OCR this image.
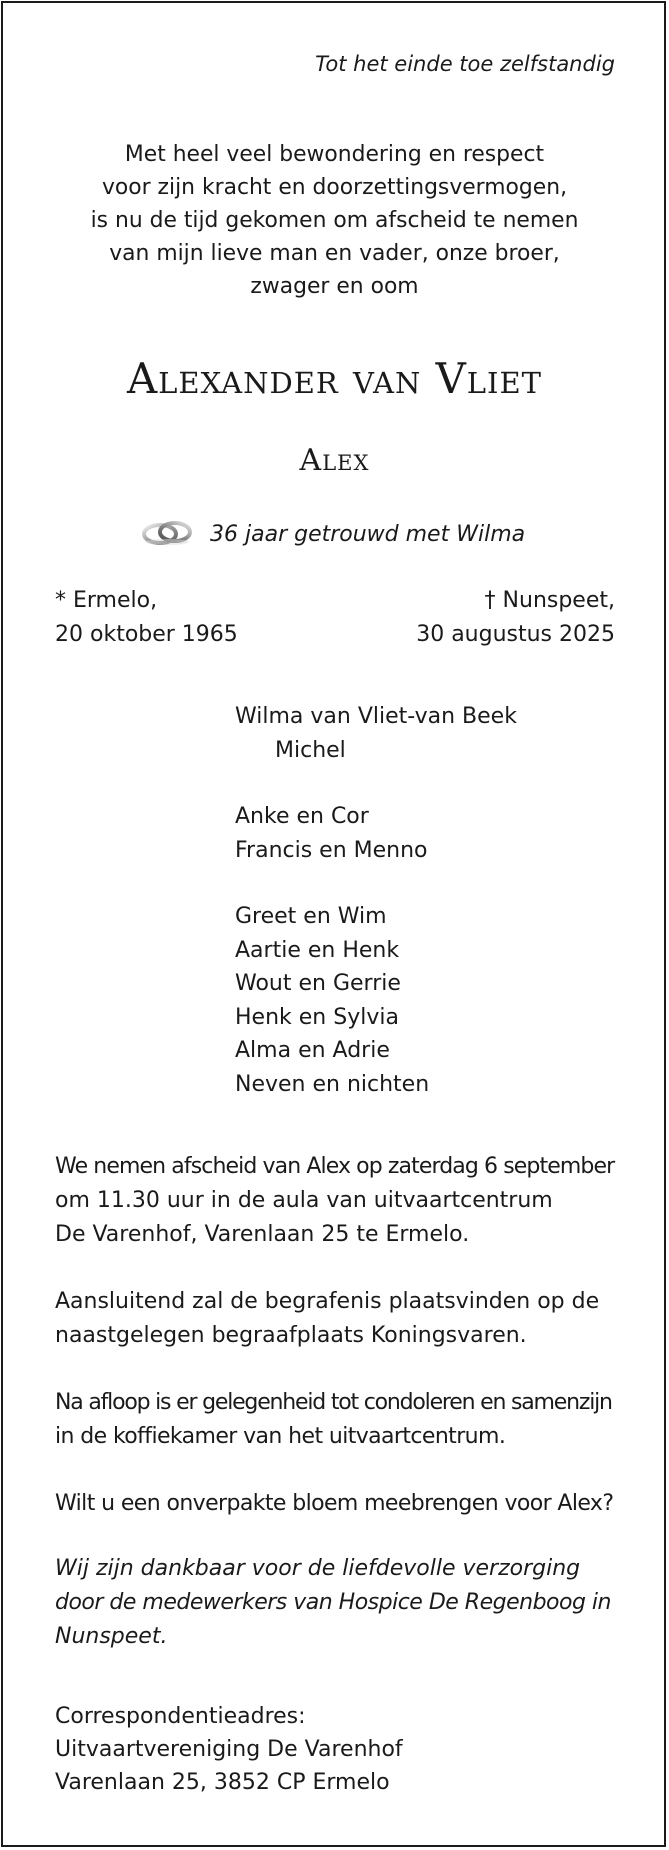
Tot het einde toe zelfstandig
Met heel veel bewondering en respect
voor zijn kracht en doorzettingsvermogen,
is nu de tijd gekomen om afscheid te nemen
van mijn lieve man en vader, onze broer,
zwager en oom
Alexander van Vliet
Alex
36 jaar getrouwd met Wilma
* Ermelo,
20 oktober 1965
† Nunspeet,
30 augustus 2025
Wilma van Vliet-van Beek
Michel
Anke en Cor
Francis en Menno
Greet en Wim
Aartie en Henk
Wout en Gerrie
Henk en Sylvia
Alma en Adrie
Neven en nichten
We nemen afscheid van Alex op zaterdag 6 september
om 11.30 uur in de aula van uitvaartcentrum
De Varenhof, Varenlaan 25 te Ermelo.
Aansluitend zal de begrafenis plaatsvinden op de
naastgelegen begraafplaats Koningsvaren.
Na afloop is er gelegenheid tot condoleren en samenzijn
in de koffiekamer van het uitvaartcentrum.
Wilt u een onverpakte bloem meebrengen voor Alex?
Wij zijn dankbaar voor de liefdevolle verzorging
door de medewerkers van Hospice De Regenboog in
Nunspeet.
Correspondentieadres:
Uitvaartvereniging De Varenhof
Varenlaan 25, 3852 CP Ermelo
